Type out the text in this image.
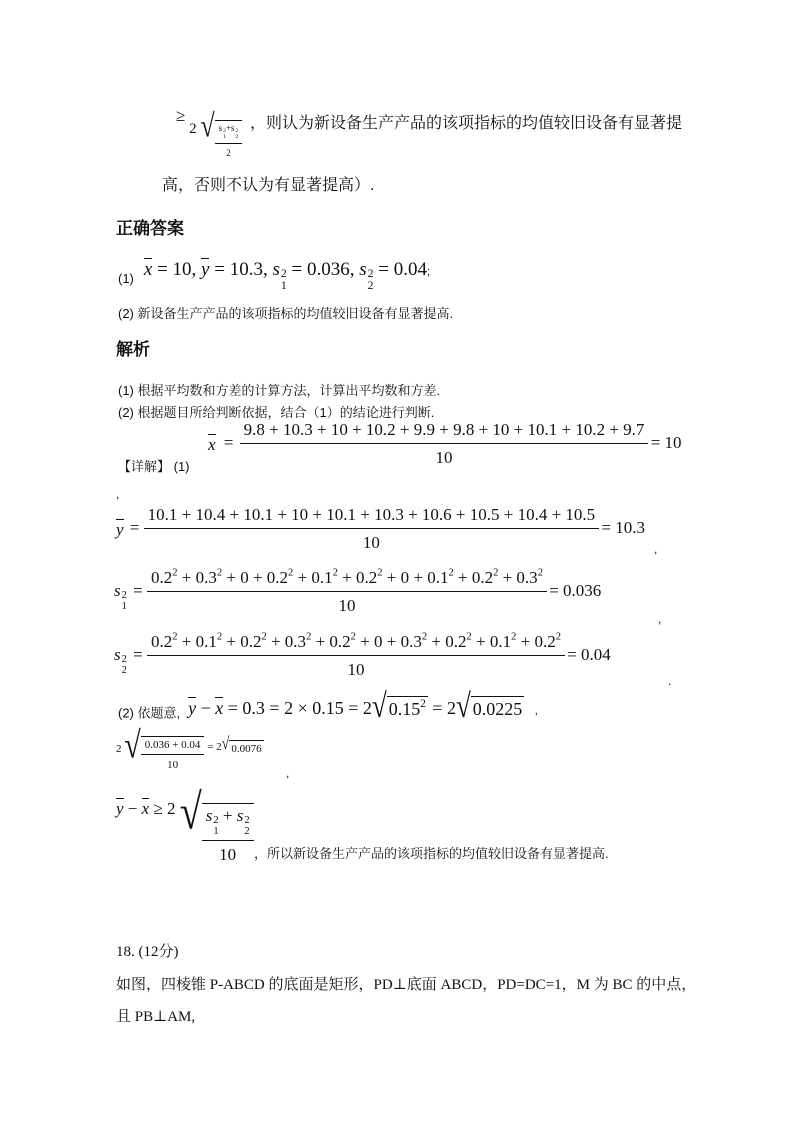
≥ 2 √ s 2
1
+s 2
2
2 ，则认为新设备生产产品的该项指标的均值较旧设备有显著提
高，否则不认为有显著提高）.
正确答案
$_{(1)}$ x = 10, y = 10.3, s 2
1
= 0.036, s 2
2
= 0.04;
(2) 新设备生产产品的该项指标的均值较旧设备有显著提高.
解析
(1) 根据平均数和方差的计算方法，计算出平均数和方差.
(2) 根据题目所给判断依据，结合（1）的结论进行判断.
【详解】 (1)
$x = \frac{9.8 + 10.3 + 10 + 10.2 + 9.9 + 9.8 + 10 + 10.1 + 10.2 + 9.7}{10} = 10$
,
y =
10.1 + 10.4 + 10.1 + 10 + 10.1 + 10.3 + 10.6 + 10.5 + 10.4 + 10.5
10
= 10.3
,
s 2
1
=
$0.2^2 + 0.3^2 + 0 + 0.2^2 + 0.1^2 + 0.2^2 + 0 + 0.1^2 + 0.2^2 + 0.3^2$
10
= 0.036
,
s 2
2
=
$0.2^2 + 0.1^2 + 0.2^2 + 0.3^2 + 0.2^2 + 0 + 0.3^2 + 0.2^2 + 0.1^2 + 0.2^2$
10
= 0.04
.
$_{(2) 依题意,}$ y − x = 0.3 = 2 × 0.15 = 2 √ $0.15^2 = 2$ √ 0.0225 ,
2 √ $\frac{0.036 + 0.04}{10} = 2$ √ 0.0076
,
y − x ≥ 2 √ s 2
1
+ s 2
2
10 ，所以新设备生产产品的该项指标的均值较旧设备有显著提高.
18. (12分)
如图，四棱锥 P-ABCD 的底面是矩形，PD⊥底面 ABCD，PD=DC=1，M 为 BC 的中点，
且 PB⊥AM,
